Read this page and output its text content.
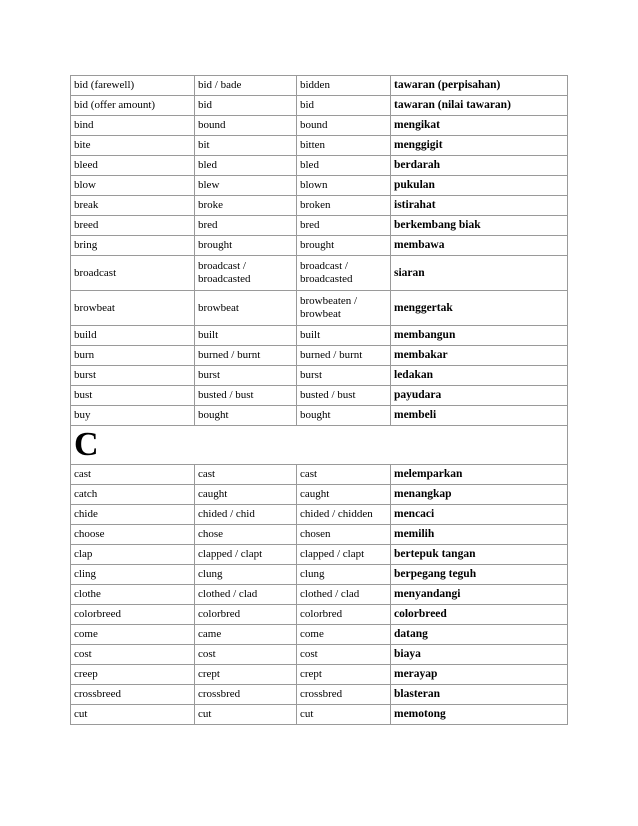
bid (farewell)	bid / bade	bidden	tawaran (perpisahan)
bid (offer amount)	bid	bid	tawaran (nilai tawaran)
bind	bound	bound	mengikat
bite	bit	bitten	menggigit
bleed	bled	bled	berdarah
blow	blew	blown	pukulan
break	broke	broken	istirahat
breed	bred	bred	berkembang biak
bring	brought	brought	membawa
broadcast	broadcast / broadcasted	broadcast / broadcasted	siaran
browbeat	browbeat	browbeaten / browbeat	menggertak
build	built	built	membangun
burn	burned / burnt	burned / burnt	membakar
burst	burst	burst	ledakan
bust	busted / bust	busted / bust	payudara
buy	bought	bought	membeli
C			
cast	cast	cast	melemparkan
catch	caught	caught	menangkap
chide	chided / chid	chided / chidden	mencaci
choose	chose	chosen	memilih
clap	clapped / clapt	clapped / clapt	bertepuk tangan
cling	clung	clung	berpegang teguh
clothe	clothed / clad	clothed / clad	menyandangi
colorbreed	colorbred	colorbred	colorbreed
come	came	come	datang
cost	cost	cost	biaya
creep	crept	crept	merayap
crossbreed	crossbred	crossbred	blasteran
cut	cut	cut	memotong
